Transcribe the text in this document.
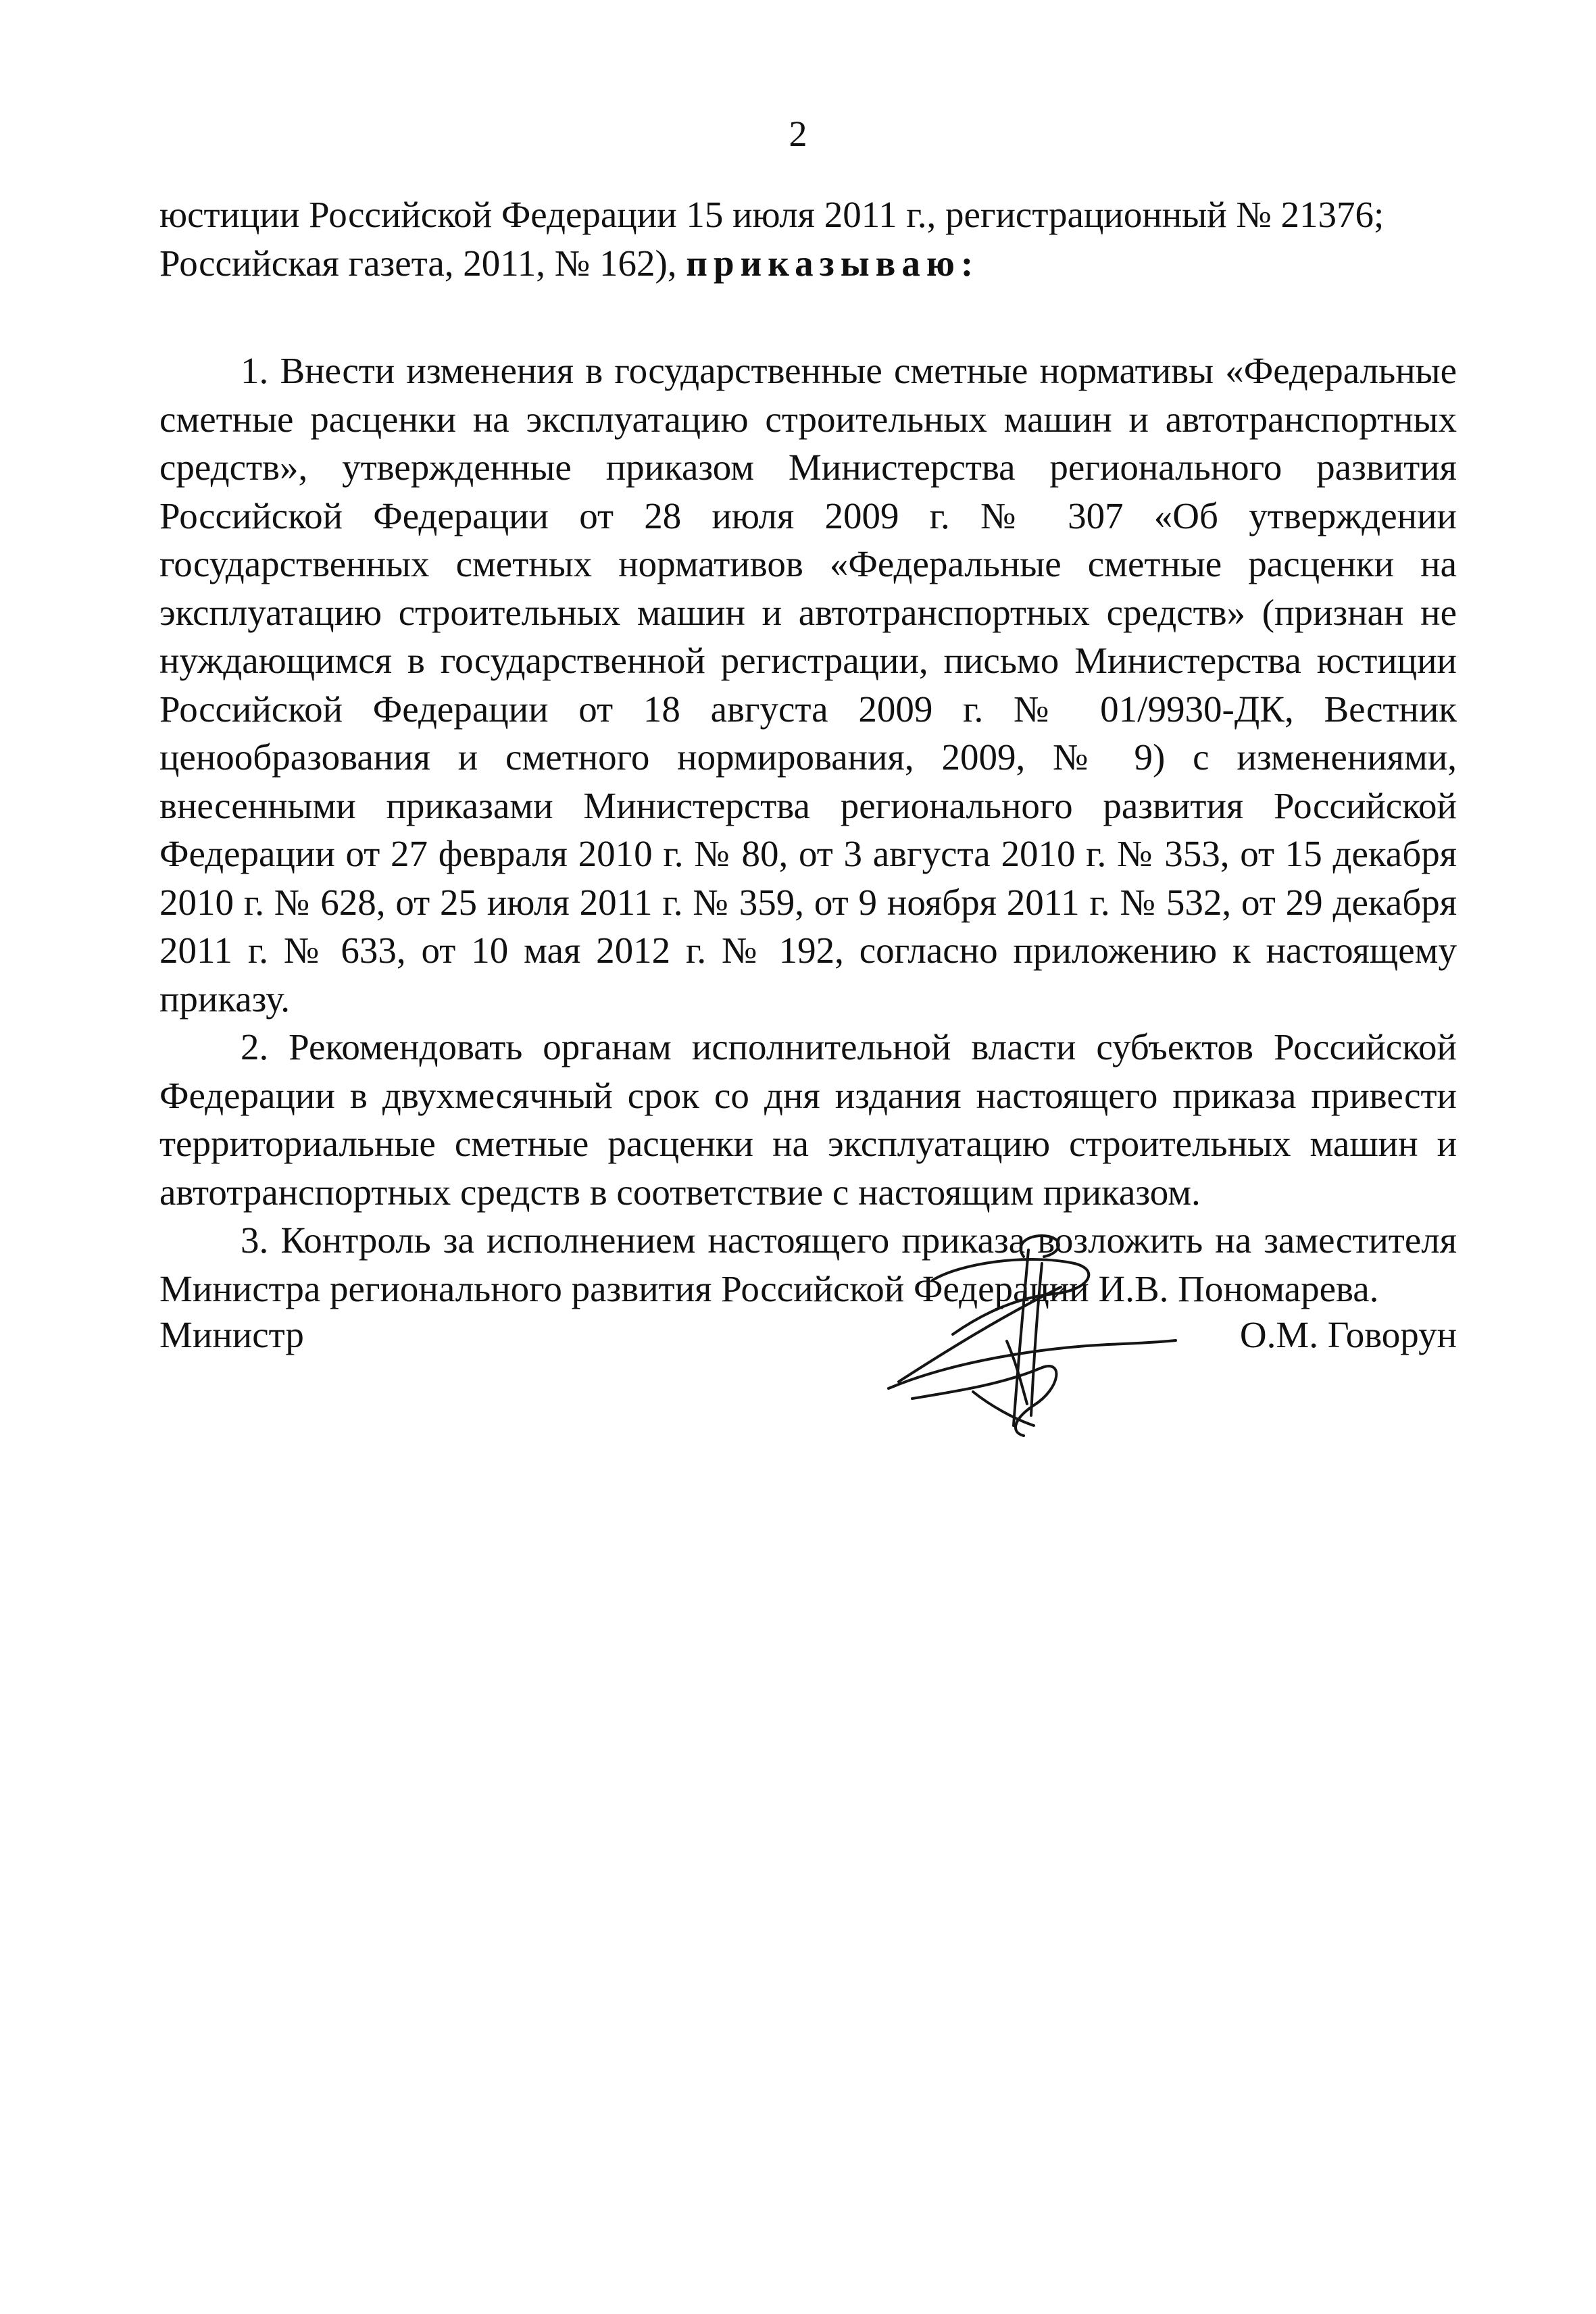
2

юстиции Российской Федерации 15 июля 2011 г., регистрационный № 21376;

Российская газета, 2011, № 162), приказываю:

1. Внести изменения в государственные сметные нормативы «Федеральные сметные расценки на эксплуатацию строительных машин и автотранспортных средств», утвержденные приказом Министерства регионального развития Российской Федерации от 28 июля 2009 г. № 307 «Об утверждении государственных сметных нормативов «Федеральные сметные расценки на эксплуатацию строительных машин и автотранспортных средств» (признан не нуждающимся в государственной регистрации, письмо Министерства юстиции Российской Федерации от 18 августа 2009 г. № 01/9930-ДК, Вестник ценообразования и сметного нормирования, 2009, № 9) с изменениями, внесенными приказами Министерства регионального развития Российской Федерации от 27 февраля 2010 г. № 80, от 3 августа 2010 г. № 353, от 15 декабря 2010 г. № 628, от 25 июля 2011 г. № 359, от 9 ноября 2011 г. № 532, от 29 декабря 2011 г. № 633, от 10 мая 2012 г. № 192, согласно приложению к настоящему приказу.

2. Рекомендовать органам исполнительной власти субъектов Российской Федерации в двухмесячный срок со дня издания настоящего приказа привести территориальные сметные расценки на эксплуатацию строительных машин и автотранспортных средств в соответствие с настоящим приказом.

3. Контроль за исполнением настоящего приказа возложить на заместителя Министра регионального развития Российской Федерации И.В. Пономарева.

Министр	О.М. Говорун
